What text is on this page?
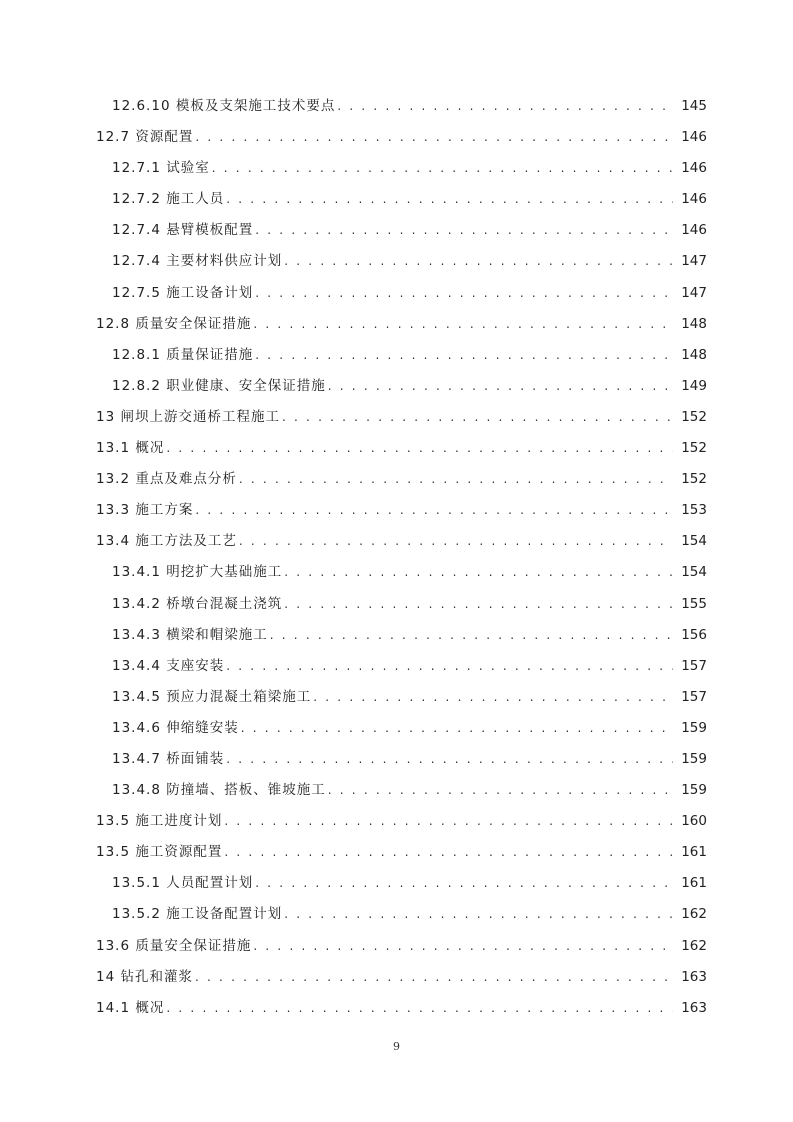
12.6.10 模板及支架施工技术要点 . . .	145
12.7 资源配置 . . .	146
12.7.1 试验室 . . .	146
12.7.2 施工人员 . . .	146
12.7.4 悬臂模板配置 . . .	146
12.7.4 主要材料供应计划 . . .	147
12.7.5 施工设备计划 . . .	147
12.8 质量安全保证措施 . . .	148
12.8.1 质量保证措施 . . .	148
12.8.2 职业健康、安全保证措施 . . .	149
13 闸坝上游交通桥工程施工 . . .	152
13.1 概况 . . .	152
13.2 重点及难点分析 . . .	152
13.3 施工方案 . . .	153
13.4 施工方法及工艺 . . .	154
13.4.1 明挖扩大基础施工 . . .	154
13.4.2 桥墩台混凝土浇筑 . . .	155
13.4.3 横梁和帽梁施工 . . .	156
13.4.4 支座安装 . . .	157
13.4.5 预应力混凝土箱梁施工 . . .	157
13.4.6 伸缩缝安装 . . .	159
13.4.7 桥面铺装 . . .	159
13.4.8 防撞墙、搭板、锥坡施工 . . .	159
13.5 施工进度计划 . . .	160
13.5 施工资源配置 . . .	161
13.5.1 人员配置计划 . . .	161
13.5.2 施工设备配置计划 . . .	162
13.6 质量安全保证措施 . . .	162
14 钻孔和灌浆 . . .	163
14.1 概况 . . .	163
9
